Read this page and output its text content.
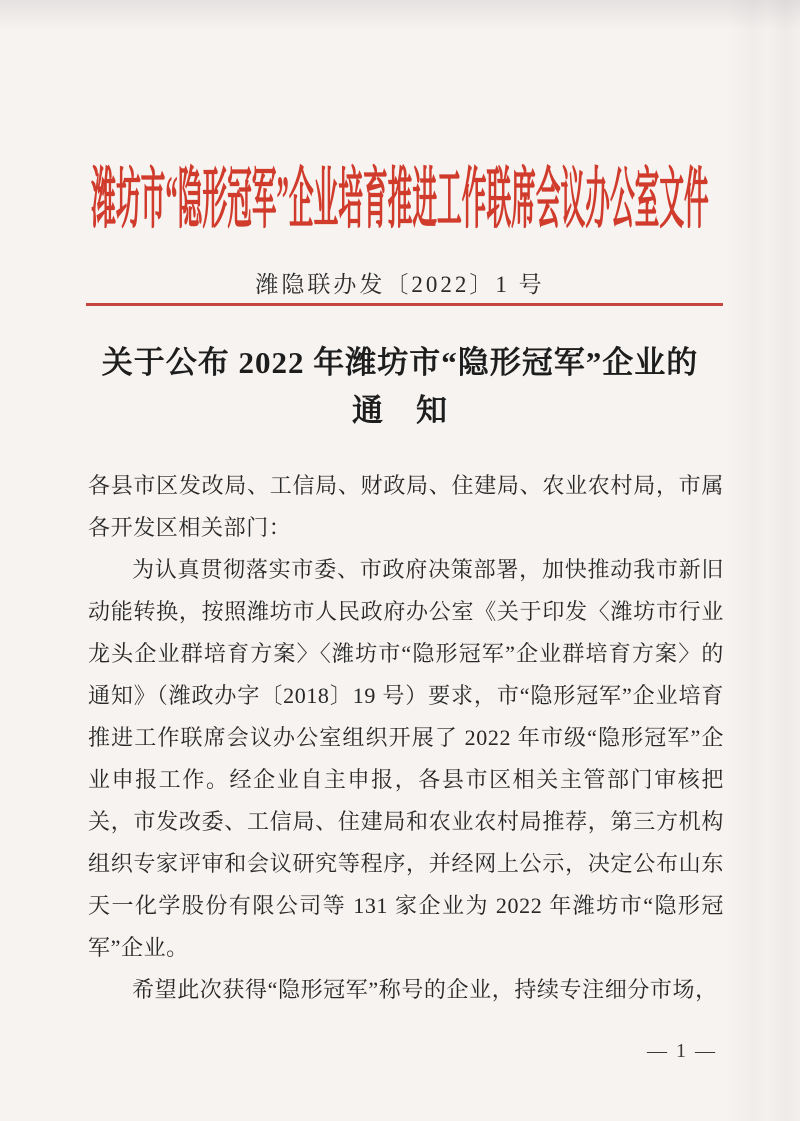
潍坊市“隐形冠军”企业培育推进工作联席会议办公室文件
潍隐联办发〔2022〕1 号
关于公布 2022 年潍坊市“隐形冠军”企业的
通　知

各县市区发改局、工信局、财政局、住建局、农业农村局，市属各开发区相关部门：

为认真贯彻落实市委、市政府决策部署，加快推动我市新旧动能转换，按照潍坊市人民政府办公室《关于印发〈潍坊市行业龙头企业群培育方案〉〈潍坊市“隐形冠军”企业群培育方案〉的通知》（潍政办字〔2018〕19 号）要求，市“隐形冠军”企业培育推进工作联席会议办公室组织开展了 2022 年市级“隐形冠军”企业申报工作。经企业自主申报，各县市区相关主管部门审核把关，市发改委、工信局、住建局和农业农村局推荐，第三方机构组织专家评审和会议研究等程序，并经网上公示，决定公布山东天一化学股份有限公司等 131 家企业为 2022 年潍坊市“隐形冠军”企业。

希望此次获得“隐形冠军”称号的企业，持续专注细分市场，

— 1 —
